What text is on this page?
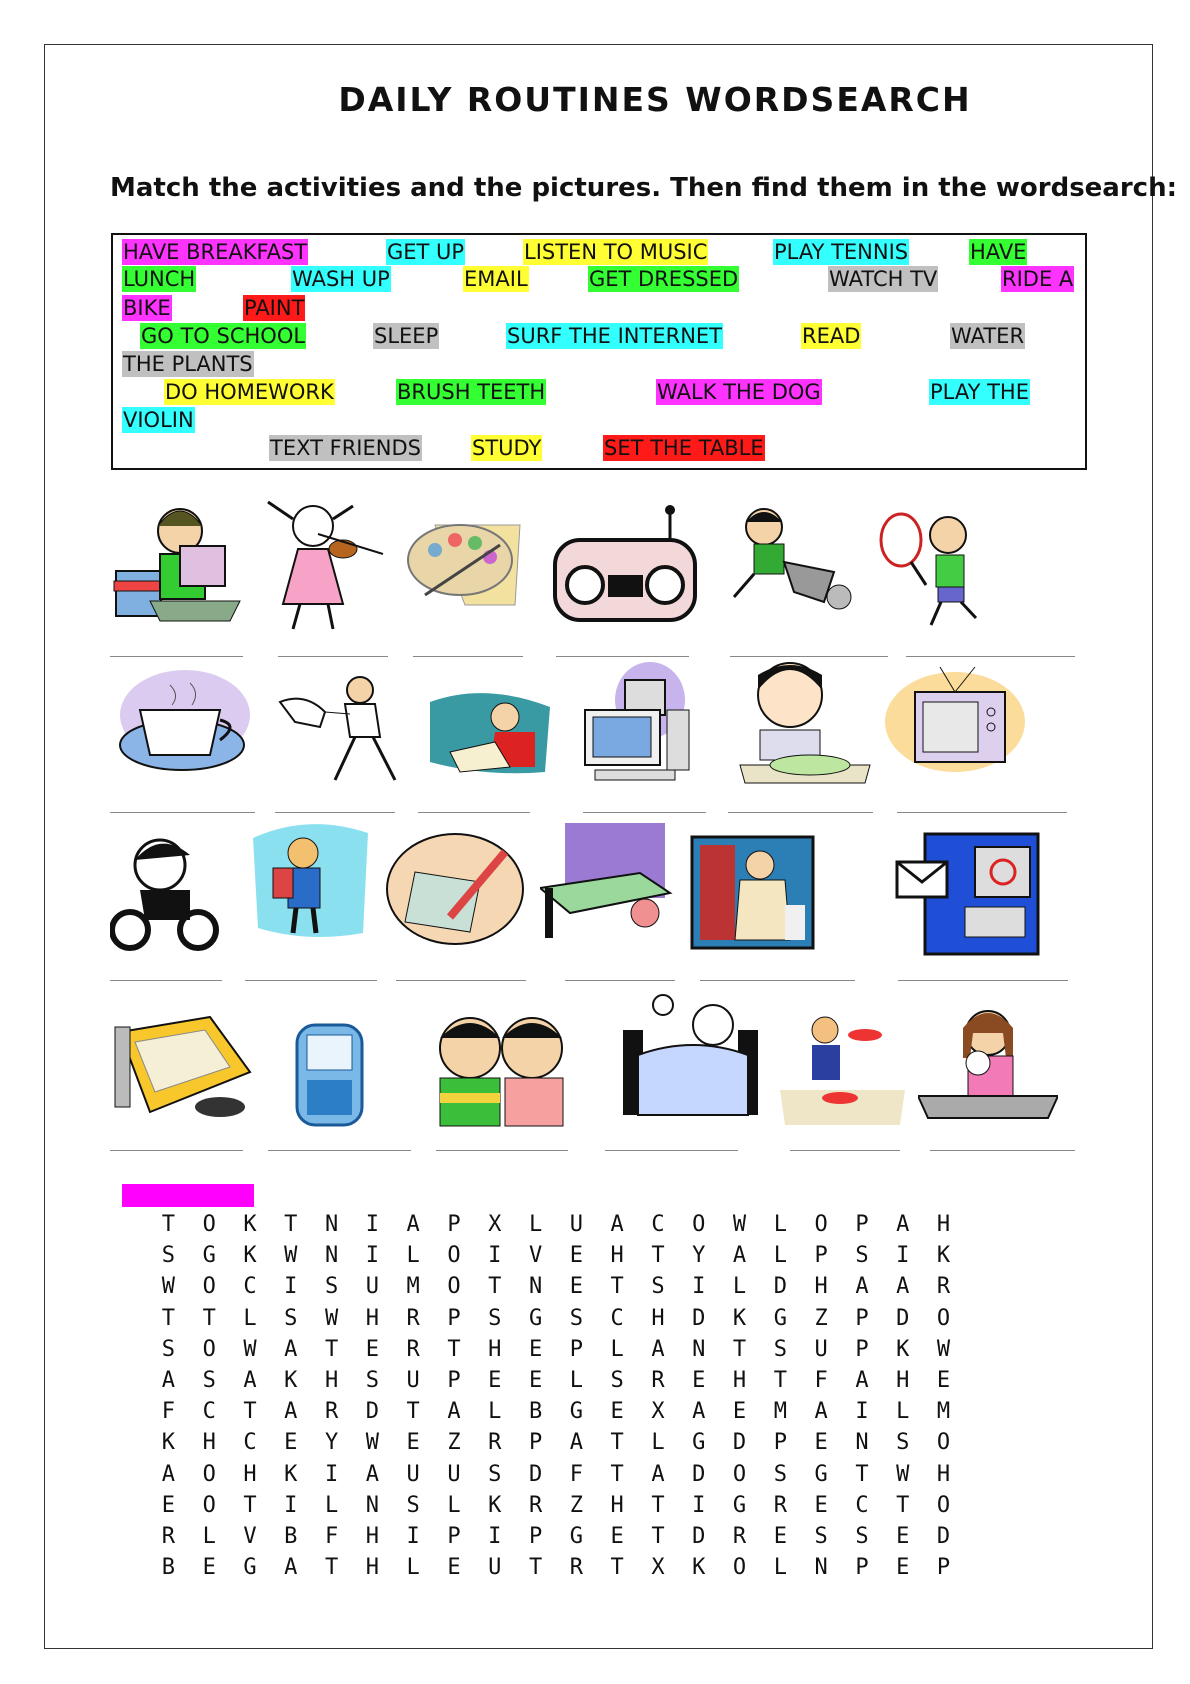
DAILY ROUTINES WORDSEARCH
Match the activities and the pictures. Then find them in the wordsearch:
HAVE BREAKFAST	GET UP	LISTEN TO MUSIC	PLAY TENNIS	HAVE
LUNCH	WASH UP	EMAIL	GET DRESSED	WATCH TV	RIDE A
BIKE	PAINT
GO TO SCHOOL	SLEEP	SURF THE INTERNET	READ	WATER
THE PLANTS
DO HOMEWORK	BRUSH TEETH	WALK THE DOG	PLAY THE
VIOLIN
TEXT FRIENDS STUDY	SET THE TABLE
T	O	K	T	N	I	A	P	X	L	U	A	C	O	W	L	O	P	A	H
S	G	K	W	N	I	L	O	I	V	E	H	T	Y	A	L	P	S	I	K
W	O	C	I	S	U	M	O	T	N	E	T	S	I	L	D	H	A	A	R
T	T	L	S	W	H	R	P	S	G	S	C	H	D	K	G	Z	P	D	O
S	O	W	A	T	E	R	T	H	E	P	L	A	N	T	S	U	P	K	W
A	S	A	K	H	S	U	P	E	E	L	S	R	E	H	T	F	A	H	E
F	C	T	A	R	D	T	A	L	B	G	E	X	A	E	M	A	I	L	M
K	H	C	E	Y	W	E	Z	R	P	A	T	L	G	D	P	E	N	S	O
A	O	H	K	I	A	U	U	S	D	F	T	A	D	O	S	G	T	W	H
E	O	T	I	L	N	S	L	K	R	Z	H	T	I	G	R	E	C	T	O
R	L	V	B	F	H	I	P	I	P	G	E	T	D	R	E	S	S	E	D
B	E	G	A	T	H	L	E	U	T	R	T	X	K	O	L	N	P	E	P
